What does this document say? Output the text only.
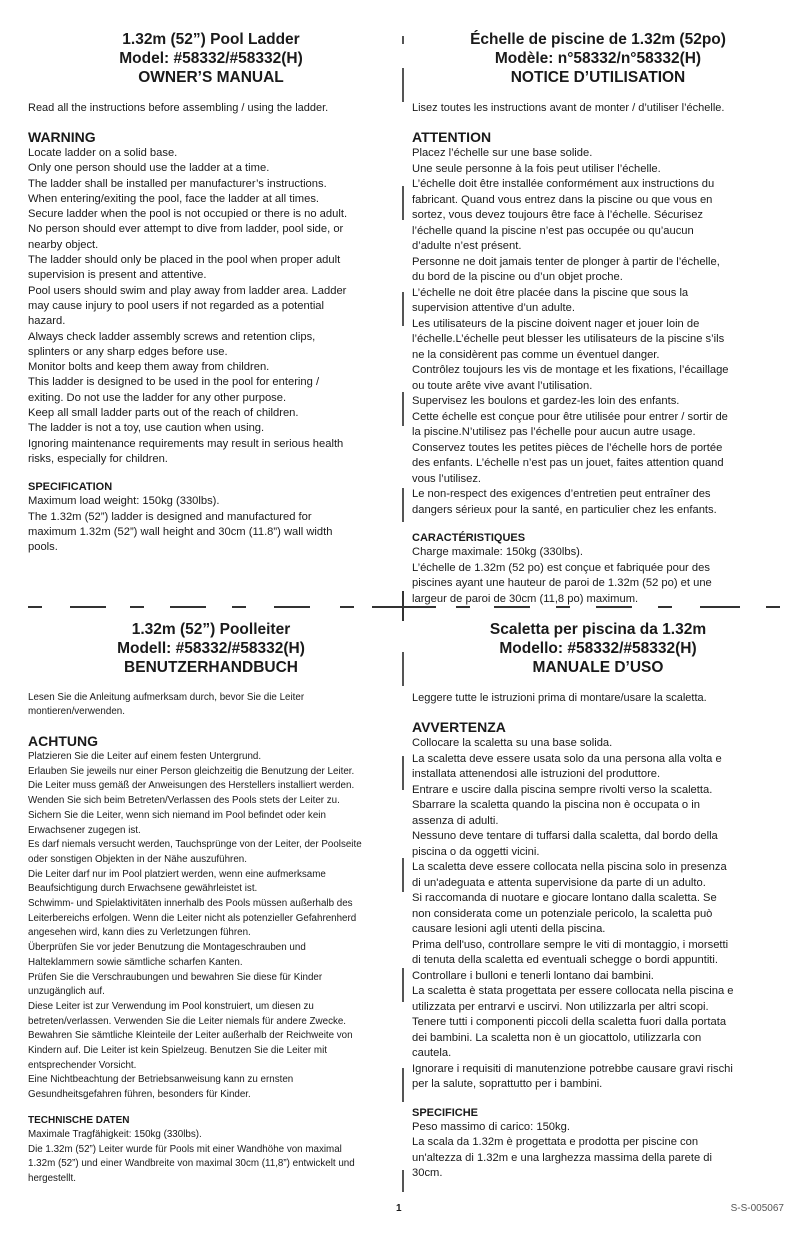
1.32m (52”) Pool Ladder
Model: #58332/#58332(H)
OWNER’S MANUAL

Read all the instructions before assembling / using the ladder.

WARNING

Locate ladder on a solid base.

Only one person should use the ladder at a time.

The ladder shall be installed per manufacturer’s instructions.

When entering/exiting the pool, face the ladder at all times.

Secure ladder when the pool is not occupied or there is no adult.

No person should ever attempt to dive from ladder, pool side, or

nearby object.

The ladder should only be placed in the pool when proper adult

supervision is present and attentive.

Pool users should swim and play away from ladder area. Ladder

may cause injury to pool users if not regarded as a potential

hazard.

Always check ladder assembly screws and retention clips,

splinters or any sharp edges before use.

Monitor bolts and keep them away from children.

This ladder is designed to be used in the pool for entering /

exiting. Do not use the ladder for any other purpose.

Keep all small ladder parts out of the reach of children.

The ladder is not a toy, use caution when using.

Ignoring maintenance requirements may result in serious health

risks, especially for children.

SPECIFICATION

Maximum load weight: 150kg (330lbs).

The 1.32m (52”) ladder is designed and manufactured for

maximum 1.32m (52”) wall height and 30cm (11.8”) wall width

pools.

Échelle de piscine de 1.32m (52po)
Modèle: n°58332/n°58332(H)
NOTICE D’UTILISATION

Lisez toutes les instructions avant de monter / d’utiliser l’échelle.

ATTENTION

Placez l’échelle sur une base solide.

Une seule personne à la fois peut utiliser l’échelle.

L’échelle doit être installée conformément aux instructions du

fabricant. Quand vous entrez dans la piscine ou que vous en

sortez, vous devez toujours être face à l’échelle. Sécurisez

l’échelle quand la piscine n’est pas occupée ou qu’aucun

d’adulte n’est présent.

Personne ne doit jamais tenter de plonger à partir de l’échelle,

du bord de la piscine ou d’un objet proche.

L’échelle ne doit être placée dans la piscine que sous la

supervision attentive d’un adulte.

Les utilisateurs de la piscine doivent nager et jouer loin de

l’échelle.L’échelle peut blesser les utilisateurs de la piscine s’ils

ne la considèrent pas comme un éventuel danger.

Contrôlez toujours les vis de montage et les fixations, l’écaillage

ou toute arête vive avant l’utilisation.

Supervisez les boulons et gardez-les loin des enfants.

Cette échelle est conçue pour être utilisée pour entrer / sortir de

la piscine.N’utilisez pas l’échelle pour aucun autre usage.

Conservez toutes les petites pièces de l’échelle hors de portée

des enfants. L’échelle n’est pas un jouet, faites attention quand

vous l’utilisez.

Le non-respect des exigences d’entretien peut entraîner des

dangers sérieux pour la santé, en particulier chez les enfants.

CARACTÉRISTIQUES

Charge maximale: 150kg (330lbs).

L’échelle de 1.32m (52 po) est conçue et fabriquée pour des

piscines ayant une hauteur de paroi de 1.32m (52 po) et une

largeur de paroi de 30cm (11,8 po) maximum.

1.32m (52”) Poolleiter
Modell: #58332/#58332(H)
BENUTZERHANDBUCH

Lesen Sie die Anleitung aufmerksam durch, bevor Sie die Leiter montieren/verwenden.

ACHTUNG

Platzieren Sie die Leiter auf einem festen Untergrund.

Erlauben Sie jeweils nur einer Person gleichzeitig die Benutzung der Leiter.

Die Leiter muss gemäß der Anweisungen des Herstellers installiert werden.

Wenden Sie sich beim Betreten/Verlassen des Pools stets der Leiter zu.

Sichern Sie die Leiter, wenn sich niemand im Pool befindet oder kein

Erwachsener zugegen ist.

Es darf niemals versucht werden, Tauchsprünge von der Leiter, der Poolseite

oder sonstigen Objekten in der Nähe auszuführen.

Die Leiter darf nur im Pool platziert werden, wenn eine aufmerksame

Beaufsichtigung durch Erwachsene gewährleistet ist.

Schwimm- und Spielaktivitäten innerhalb des Pools müssen außerhalb des

Leiterbereichs erfolgen. Wenn die Leiter nicht als potenzieller Gefahrenherd

angesehen wird, kann dies zu Verletzungen führen.

Überprüfen Sie vor jeder Benutzung die Montageschrauben und

Halteklammern sowie sämtliche scharfen Kanten.

Prüfen Sie die Verschraubungen und bewahren Sie diese für Kinder

unzugänglich auf.

Diese Leiter ist zur Verwendung im Pool konstruiert, um diesen zu

betreten/verlassen. Verwenden Sie die Leiter niemals für andere Zwecke.

Bewahren Sie sämtliche Kleinteile der Leiter außerhalb der Reichweite von

Kindern auf. Die Leiter ist kein Spielzeug. Benutzen Sie die Leiter mit

entsprechender Vorsicht.

Eine Nichtbeachtung der Betriebsanweisung kann zu ernsten

Gesundheitsgefahren führen, besonders für Kinder.

TECHNISCHE DATEN

Maximale Tragfähigkeit: 150kg (330lbs).

Die 1.32m (52”) Leiter wurde für Pools mit einer Wandhöhe von maximal

1.32m (52”) und einer Wandbreite von maximal 30cm (11,8”) entwickelt und

hergestellt.

Scaletta per piscina da 1.32m
Modello: #58332/#58332(H)
MANUALE D’USO

Leggere tutte le istruzioni prima di montare/usare la scaletta.

AVVERTENZA

Collocare la scaletta su una base solida.

La scaletta deve essere usata solo da una persona alla volta e

installata attenendosi alle istruzioni del produttore.

Entrare e uscire dalla piscina sempre rivolti verso la scaletta.

Sbarrare la scaletta quando la piscina non è occupata o in

assenza di adulti.

Nessuno deve tentare di tuffarsi dalla scaletta, dal bordo della

piscina o da oggetti vicini.

La scaletta deve essere collocata nella piscina solo in presenza

di un'adeguata e attenta supervisione da parte di un adulto.

Si raccomanda di nuotare e giocare lontano dalla scaletta. Se

non considerata come un potenziale pericolo, la scaletta può

causare lesioni agli utenti della piscina.

Prima dell'uso, controllare sempre le viti di montaggio, i morsetti

di tenuta della scaletta ed eventuali schegge o bordi appuntiti.

Controllare i bulloni e tenerli lontano dai bambini.

La scaletta è stata progettata per essere collocata nella piscina e

utilizzata per entrarvi e uscirvi. Non utilizzarla per altri scopi.

Tenere tutti i componenti piccoli della scaletta fuori dalla portata

dei bambini. La scaletta non è un giocattolo, utilizzarla con

cautela.

Ignorare i requisiti di manutenzione potrebbe causare gravi rischi

per la salute, soprattutto per i bambini.

SPECIFICHE

Peso massimo di carico: 150kg.

La scala da 1.32m è progettata e prodotta per piscine con

un'altezza di 1.32m e una larghezza massima della parete di

30cm.

1	S-S-005067
